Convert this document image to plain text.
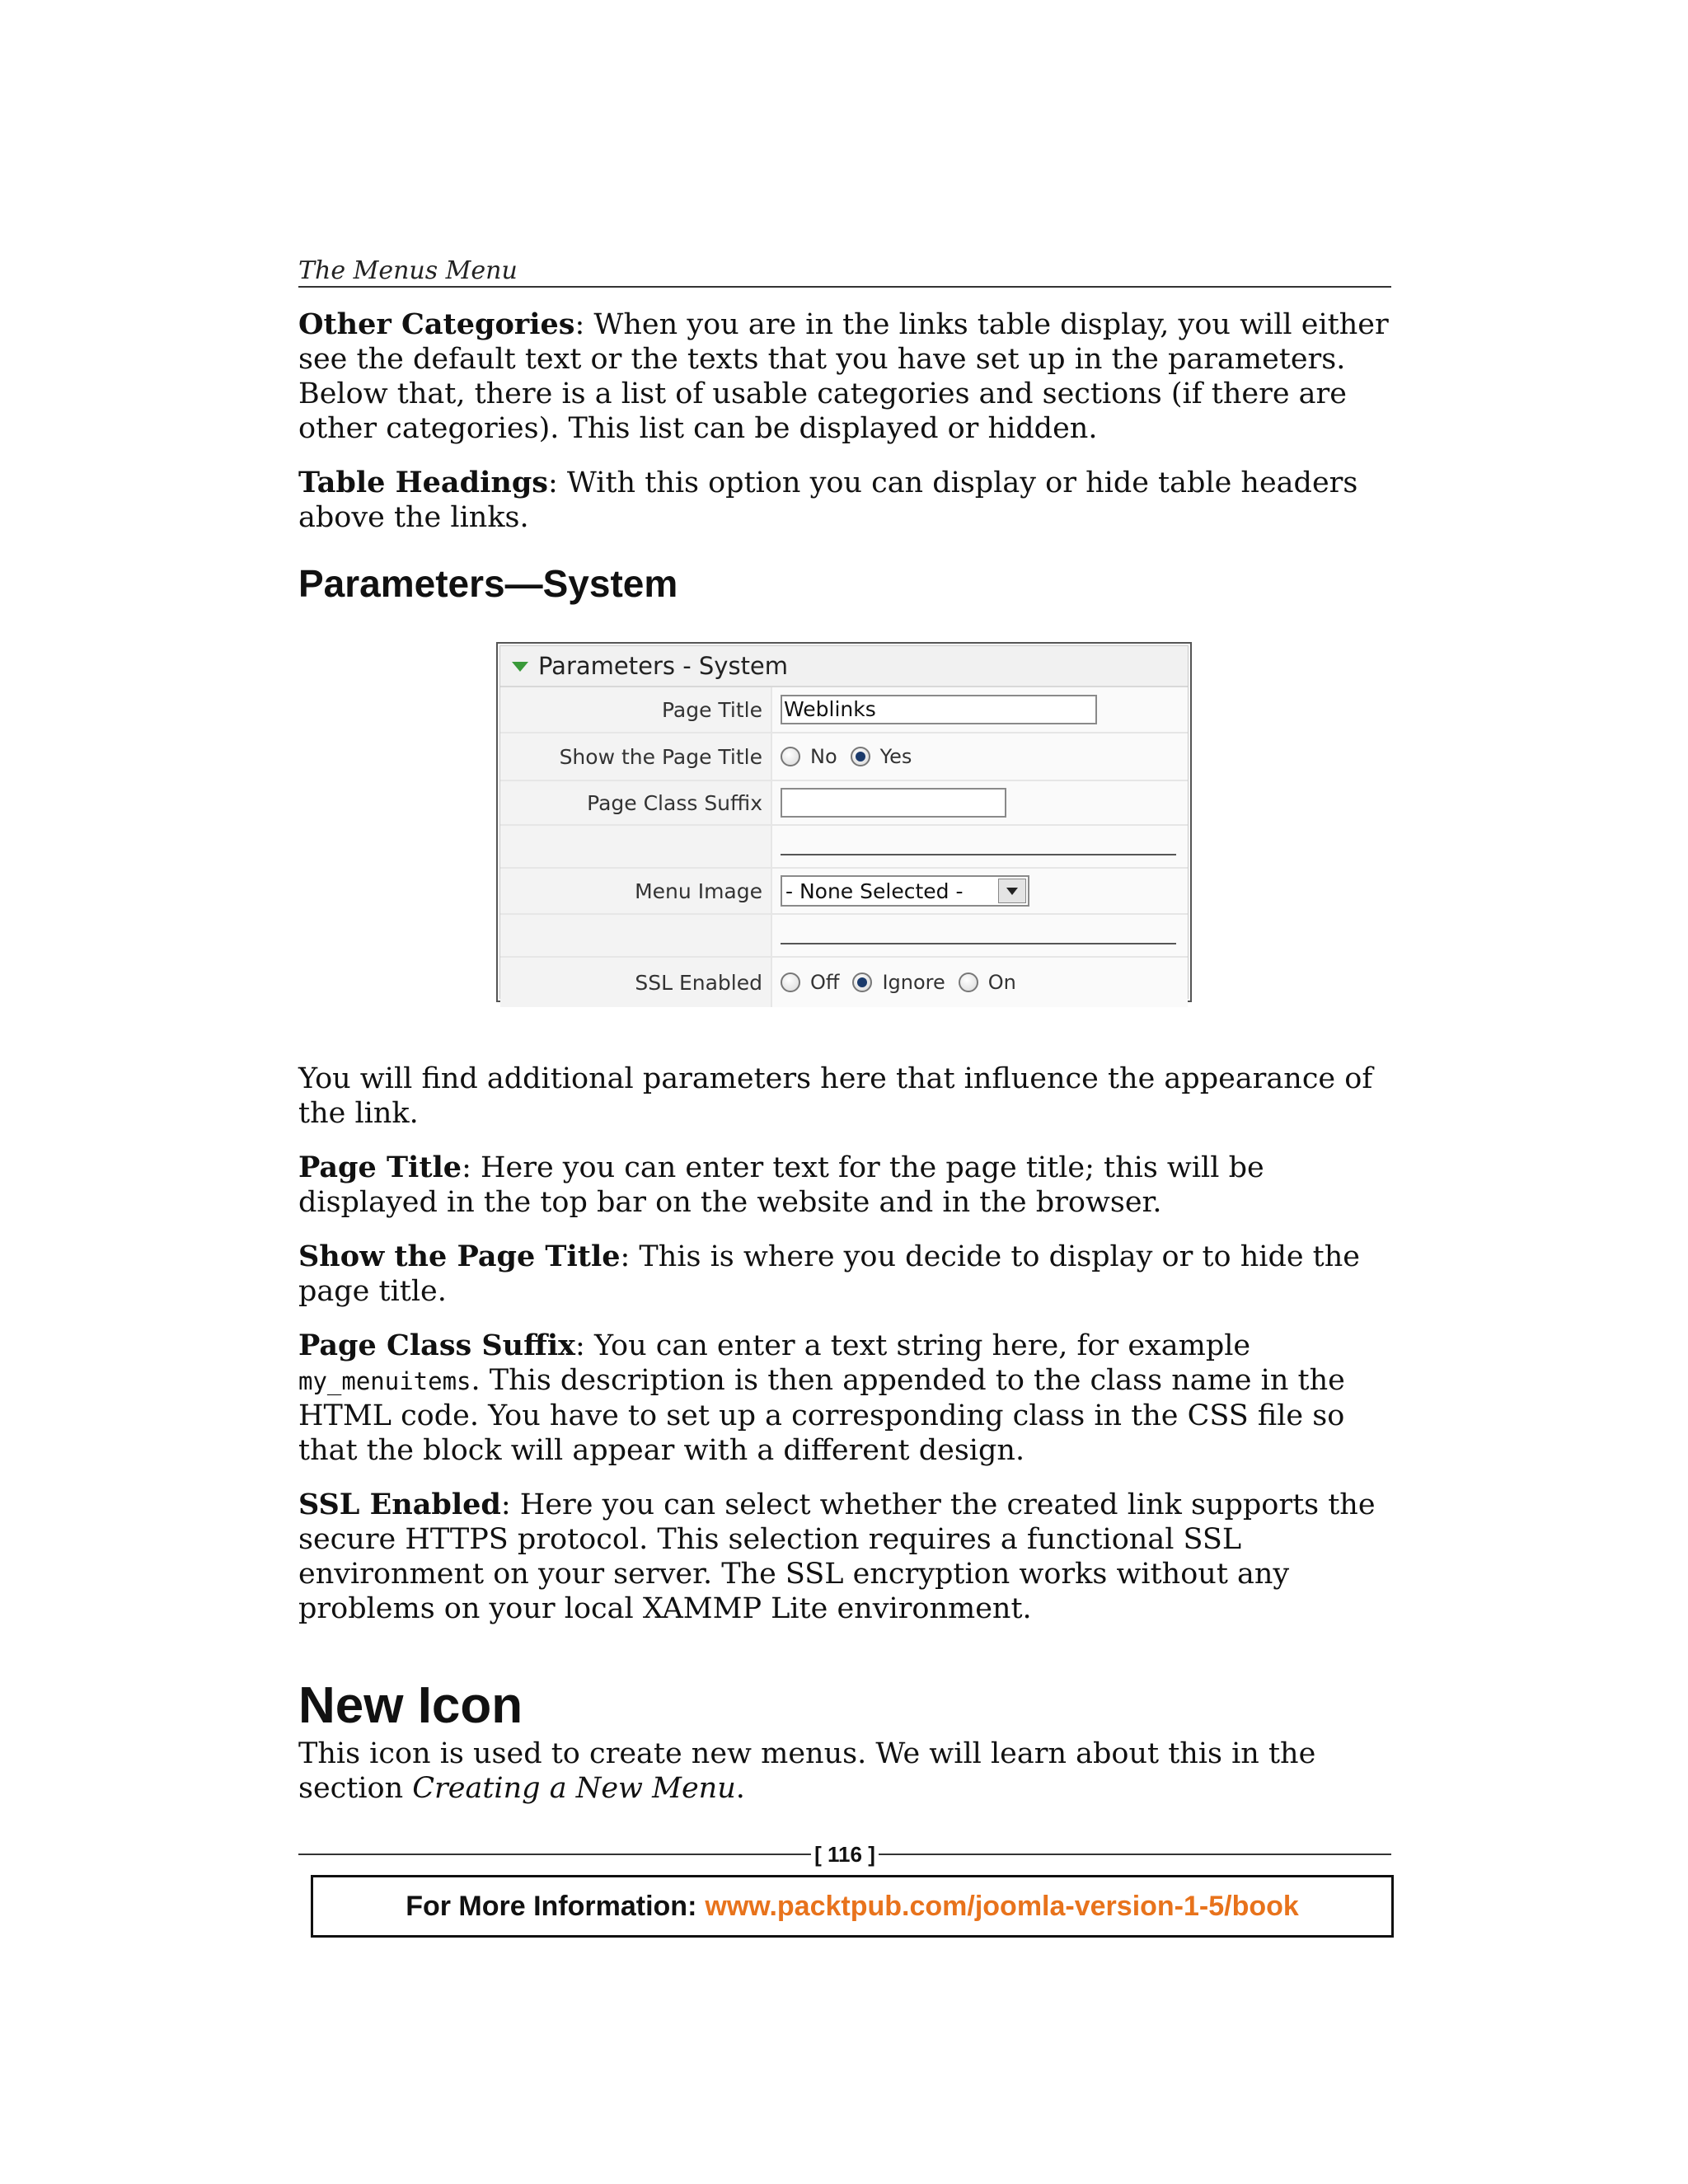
The Menus Menu

Other Categories: When you are in the links table display, you will either see the default text or the texts that you have set up in the parameters. Below that, there is a list of usable categories and sections (if there are other categories). This list can be displayed or hidden.

Table Headings: With this option you can display or hide table headers above the links.

Parameters—System
Parameters - System
Page Title	Weblinks
Show the Page Title	No Yes
Page Class Suffix
Menu Image	- None Selected -
SSL Enabled	Off Ignore On

You will find additional parameters here that influence the appearance of the link.

Page Title: Here you can enter text for the page title; this will be displayed in the top bar on the website and in the browser.

Show the Page Title: This is where you decide to display or to hide the page title.

Page Class Suffix: You can enter a text string here, for example my_menuitems. This description is then appended to the class name in the HTML code. You have to set up a corresponding class in the CSS file so that the block will appear with a different design.

SSL Enabled: Here you can select whether the created link supports the secure HTTPS protocol. This selection requires a functional SSL environment on your server. The SSL encryption works without any problems on your local XAMMP Lite environment.

New Icon

This icon is used to create new menus. We will learn about this in the section Creating a New Menu.

[ 116 ]
For More Information: www.packtpub.com/joomla-version-1-5/book
